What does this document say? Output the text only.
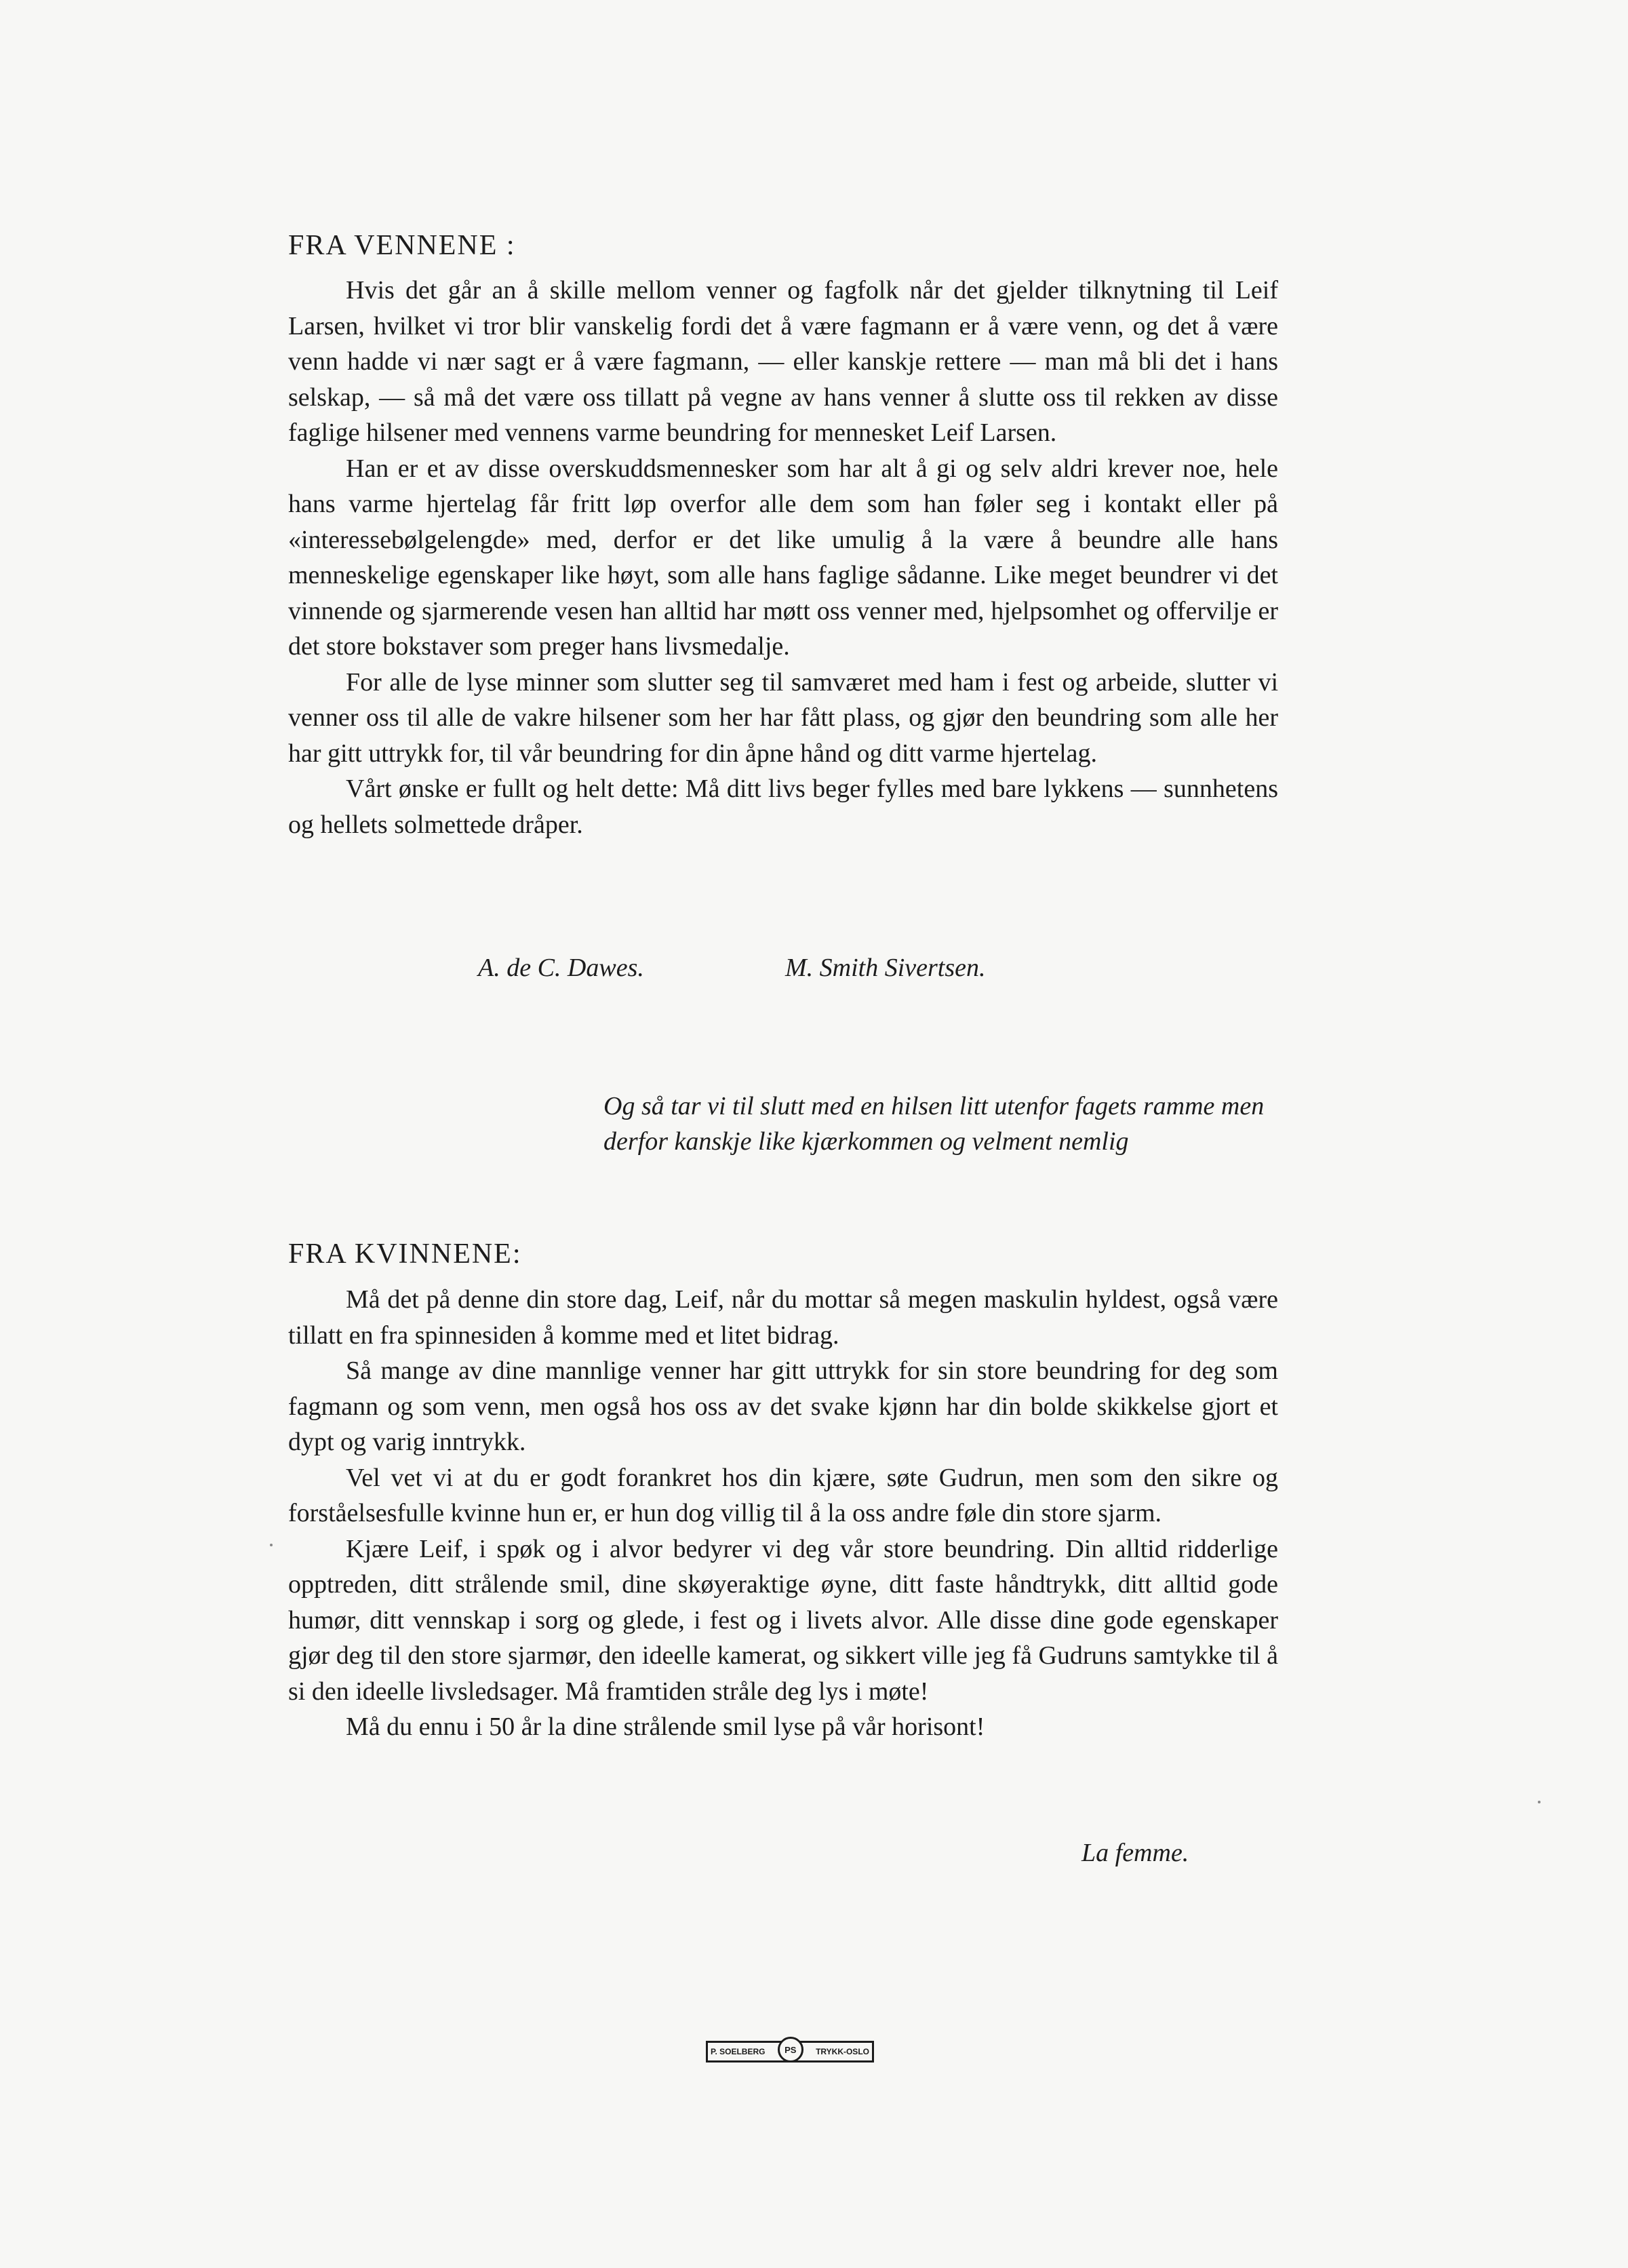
FRA VENNENE :

Hvis det går an å skille mellom venner og fagfolk når det gjelder tilknytning til Leif Larsen, hvilket vi tror blir vanskelig fordi det å være fagmann er å være venn, og det å være venn hadde vi nær sagt er å være fagmann, — eller kanskje rettere — man må bli det i hans selskap, — så må det være oss tillatt på vegne av hans venner å slutte oss til rekken av disse faglige hilsener med vennens varme beundring for mennesket Leif Larsen.

Han er et av disse overskuddsmennesker som har alt å gi og selv aldri krever noe, hele hans varme hjertelag får fritt løp overfor alle dem som han føler seg i kontakt eller på «interessebølgelengde» med, derfor er det like umulig å la være å beundre alle hans menneskelige egenskaper like høyt, som alle hans faglige sådanne. Like meget beundrer vi det vinnende og sjarmerende vesen han alltid har møtt oss venner med, hjelpsomhet og offervilje er det store bokstaver som preger hans livsmedalje.

For alle de lyse minner som slutter seg til samværet med ham i fest og arbeide, slutter vi venner oss til alle de vakre hilsener som her har fått plass, og gjør den beundring som alle her har gitt uttrykk for, til vår beundring for din åpne hånd og ditt varme hjertelag.

Vårt ønske er fullt og helt dette: Må ditt livs beger fylles med bare lykkens — sunnhetens og hellets solmettede dråper.

A. de C. Dawes.	M. Smith Sivertsen.

Og så tar vi til slutt med en hilsen litt utenfor fagets ramme men derfor kanskje like kjærkommen og velment nemlig

FRA KVINNENE:

Må det på denne din store dag, Leif, når du mottar så megen maskulin hyldest, også være tillatt en fra spinnesiden å komme med et litet bidrag.

Så mange av dine mannlige venner har gitt uttrykk for sin store beundring for deg som fagmann og som venn, men også hos oss av det svake kjønn har din bolde skikkelse gjort et dypt og varig inntrykk.

Vel vet vi at du er godt forankret hos din kjære, søte Gudrun, men som den sikre og forståelsesfulle kvinne hun er, er hun dog villig til å la oss andre føle din store sjarm.

Kjære Leif, i spøk og i alvor bedyrer vi deg vår store beundring. Din alltid ridderlige opptreden, ditt strålende smil, dine skøyeraktige øyne, ditt faste håndtrykk, ditt alltid gode humør, ditt vennskap i sorg og glede, i fest og i livets alvor. Alle disse dine gode egenskaper gjør deg til den store sjarmør, den ideelle kamerat, og sikkert ville jeg få Gudruns samtykke til å si den ideelle livsledsager. Må framtiden stråle deg lys i møte!

Må du ennu i 50 år la dine strålende smil lyse på vår horisont!

La femme.
P. SOELBERG	PS	TRYKK-OSLO
